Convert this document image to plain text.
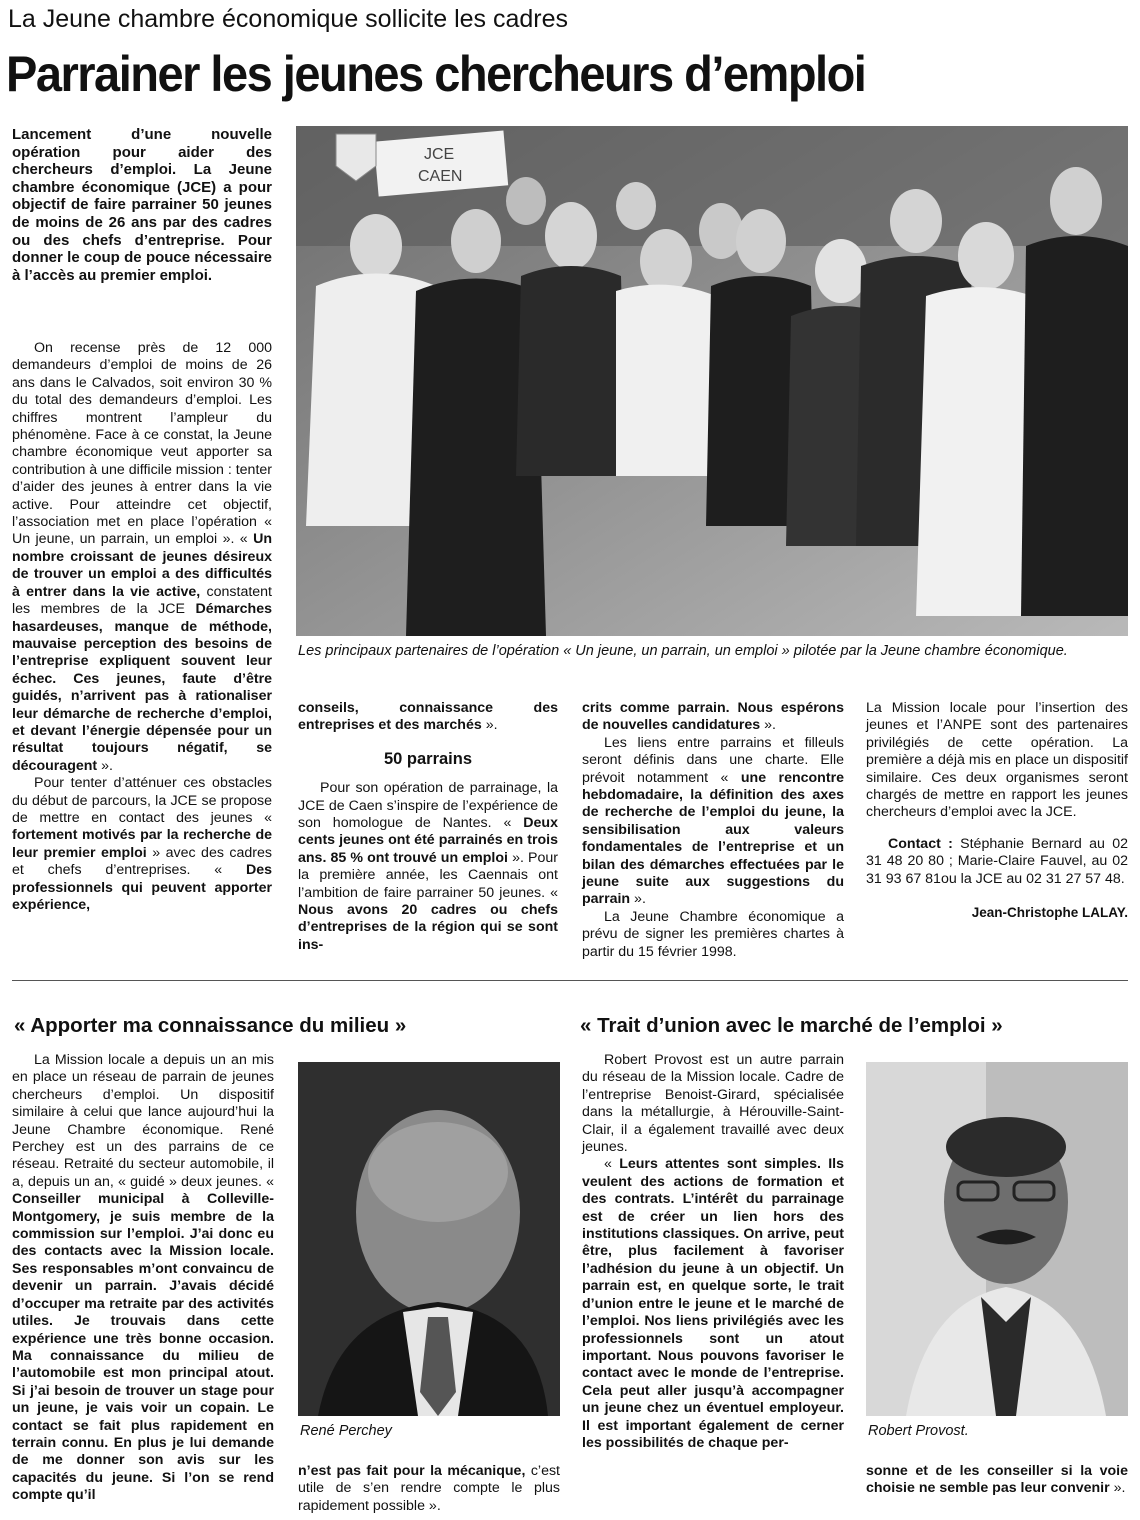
La Jeune chambre économique sollicite les cadres
Parrainer les jeunes chercheurs d’emploi
Lancement d’une nouvelle opération pour aider des chercheurs d’emploi. La Jeune chambre économique (JCE) a pour objectif de faire parrainer 50 jeunes de moins de 26 ans par des cadres ou des chefs d’entreprise. Pour donner le coup de pouce nécessaire à l’accès au premier emploi.

On recense près de 12 000 demandeurs d’emploi de moins de 26 ans dans le Calvados, soit environ 30 % du total des demandeurs d’emploi. Les chiffres montrent l’ampleur du phénomène. Face à ce constat, la Jeune chambre économique veut apporter sa contribution à une difficile mission : tenter d’aider des jeunes à entrer dans la vie active. Pour atteindre cet objectif, l’association met en place l’opération « Un jeune, un parrain, un emploi ». « Un nombre croissant de jeunes désireux de trouver un emploi a des difficultés à entrer dans la vie active, constatent les membres de la JCE Démarches hasardeuses, manque de méthode, mauvaise perception des besoins de l’entreprise expliquent souvent leur échec. Ces jeunes, faute d’être guidés, n’arrivent pas à rationaliser leur démarche de recherche d’emploi, et devant l’énergie dépensée pour un résultat toujours négatif, se découragent ».

Pour tenter d’atténuer ces obstacles du début de parcours, la JCE se propose de mettre en contact des jeunes « fortement motivés par la recherche de leur premier emploi » avec des cadres et chefs d’entreprises. « Des professionnels qui peuvent apporter expérience,

JCE
CAEN
Les principaux partenaires de l’opération « Un jeune, un parrain, un emploi » pilotée par la Jeune chambre économique.

conseils, connaissance des entreprises et des marchés ».

50 parrains

Pour son opération de parrainage, la JCE de Caen s’inspire de l’expérience de son homologue de Nantes. « Deux cents jeunes ont été parrainés en trois ans. 85 % ont trouvé un emploi ». Pour la première année, les Caennais ont l’ambition de faire parrainer 50 jeunes. « Nous avons 20 cadres ou chefs d’entreprises de la région qui se sont ins-

crits comme parrain. Nous espérons de nouvelles candidatures ».

Les liens entre parrains et filleuls seront définis dans une charte. Elle prévoit notamment « une rencontre hebdomadaire, la définition des axes de recherche de l’emploi du jeune, la sensibilisation aux valeurs fondamentales de l’entreprise et un bilan des démarches effectuées par le jeune suite aux suggestions du parrain ».

La Jeune Chambre économique a prévu de signer les premières chartes à partir du 15 février 1998.

La Mission locale pour l’insertion des jeunes et l’ANPE sont des partenaires privilégiés de cette opération. La première a déjà mis en place un dispositif similaire. Ces deux organismes seront chargés de mettre en rapport les jeunes chercheurs d’emploi avec la JCE.

Contact : Stéphanie Bernard au 02 31 48 20 80 ; Marie-Claire Fauvel, au 02 31 93 67 81ou la JCE au 02 31 27 57 48.

Jean-Christophe LALAY.
« Apporter ma connaissance du milieu »

La Mission locale a depuis un an mis en place un réseau de parrain de jeunes chercheurs d’emploi. Un dispositif similaire à celui que lance aujourd’hui la Jeune Chambre économique. René Perchey est un des parrains de ce réseau. Retraité du secteur automobile, il a, depuis un an, « guidé » deux jeunes. « Conseiller municipal à Colleville-Montgomery, je suis membre de la commission sur l’emploi. J’ai donc eu des contacts avec la Mission locale. Ses responsables m’ont convaincu de devenir un parrain. J’avais décidé d’occuper ma retraite par des activités utiles. Je trouvais dans cette expérience une très bonne occasion. Ma connaissance du milieu de l’automobile est mon principal atout. Si j’ai besoin de trouver un stage pour un jeune, je vais voir un copain. Le contact se fait plus rapidement en terrain connu. En plus je lui demande de me donner son avis sur les capacités du jeune. Si l’on se rend compte qu’il

René Perchey

n’est pas fait pour la mécanique, c’est utile de s’en rendre compte le plus rapidement possible ».

« Trait d’union avec le marché de l’emploi »

Robert Provost est un autre parrain du réseau de la Mission locale. Cadre de l’entreprise Benoist-Girard, spécialisée dans la métallurgie, à Hérouville-Saint-Clair, il a également travaillé avec deux jeunes.

« Leurs attentes sont simples. Ils veulent des actions de formation et des contrats. L’intérêt du parrainage est de créer un lien hors des institutions classiques. On arrive, peut être, plus facilement à favoriser l’adhésion du jeune à un objectif. Un parrain est, en quelque sorte, le trait d’union entre le jeune et le marché de l’emploi. Nos liens privilégiés avec les professionnels sont un atout important. Nous pouvons favoriser le contact avec le monde de l’entreprise. Cela peut aller jusqu’à accompagner un jeune chez un éventuel employeur. Il est important également de cerner les possibilités de chaque per-

Robert Provost.

sonne et de les conseiller si la voie choisie ne semble pas leur convenir ».
